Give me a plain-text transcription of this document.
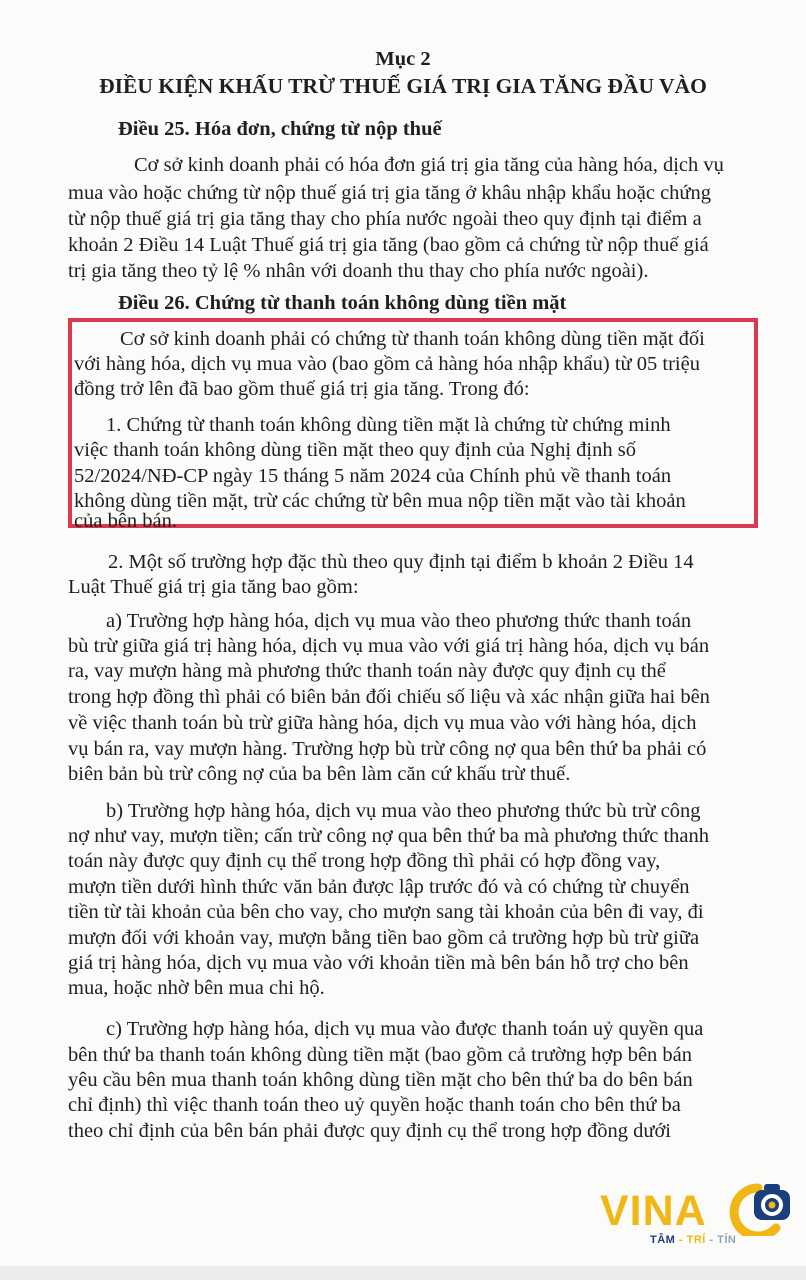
Mục 2
ĐIỀU KIỆN KHẤU TRỪ THUẾ GIÁ TRỊ GIA TĂNG ĐẦU VÀO
Điều 25. Hóa đơn, chứng từ nộp thuế
Cơ sở kinh doanh phải có hóa đơn giá trị gia tăng của hàng hóa, dịch vụ
mua vào hoặc chứng từ nộp thuế giá trị gia tăng ở khâu nhập khẩu hoặc chứng
từ nộp thuế giá trị gia tăng thay cho phía nước ngoài theo quy định tại điểm a
khoản 2 Điều 14 Luật Thuế giá trị gia tăng (bao gồm cả chứng từ nộp thuế giá
trị gia tăng theo tỷ lệ % nhân với doanh thu thay cho phía nước ngoài).
Điều 26. Chứng từ thanh toán không dùng tiền mặt
Cơ sở kinh doanh phải có chứng từ thanh toán không dùng tiền mặt đối
với hàng hóa, dịch vụ mua vào (bao gồm cả hàng hóa nhập khẩu) từ 05 triệu
đồng trở lên đã bao gồm thuế giá trị gia tăng. Trong đó:
1. Chứng từ thanh toán không dùng tiền mặt là chứng từ chứng minh
việc thanh toán không dùng tiền mặt theo quy định của Nghị định số
52/2024/NĐ-CP ngày 15 tháng 5 năm 2024 của Chính phủ về thanh toán
không dùng tiền mặt, trừ các chứng từ bên mua nộp tiền mặt vào tài khoản
của bên bán.
2. Một số trường hợp đặc thù theo quy định tại điểm b khoản 2 Điều 14
Luật Thuế giá trị gia tăng bao gồm:
a) Trường hợp hàng hóa, dịch vụ mua vào theo phương thức thanh toán
bù trừ giữa giá trị hàng hóa, dịch vụ mua vào với giá trị hàng hóa, dịch vụ bán
ra, vay mượn hàng mà phương thức thanh toán này được quy định cụ thể
trong hợp đồng thì phải có biên bản đối chiếu số liệu và xác nhận giữa hai bên
về việc thanh toán bù trừ giữa hàng hóa, dịch vụ mua vào với hàng hóa, dịch
vụ bán ra, vay mượn hàng. Trường hợp bù trừ công nợ qua bên thứ ba phải có
biên bản bù trừ công nợ của ba bên làm căn cứ khấu trừ thuế.
b) Trường hợp hàng hóa, dịch vụ mua vào theo phương thức bù trừ công
nợ như vay, mượn tiền; cấn trừ công nợ qua bên thứ ba mà phương thức thanh
toán này được quy định cụ thể trong hợp đồng thì phải có hợp đồng vay,
mượn tiền dưới hình thức văn bản được lập trước đó và có chứng từ chuyển
tiền từ tài khoản của bên cho vay, cho mượn sang tài khoản của bên đi vay, đi
mượn đối với khoản vay, mượn bằng tiền bao gồm cả trường hợp bù trừ giữa
giá trị hàng hóa, dịch vụ mua vào với khoản tiền mà bên bán hỗ trợ cho bên
mua, hoặc nhờ bên mua chi hộ.
c) Trường hợp hàng hóa, dịch vụ mua vào được thanh toán uỷ quyền qua
bên thứ ba thanh toán không dùng tiền mặt (bao gồm cả trường hợp bên bán
yêu cầu bên mua thanh toán không dùng tiền mặt cho bên thứ ba do bên bán
chỉ định) thì việc thanh toán theo uỷ quyền hoặc thanh toán cho bên thứ ba
theo chỉ định của bên bán phải được quy định cụ thể trong hợp đồng dưới
VINA
TÂM - TRÍ - TÍN
